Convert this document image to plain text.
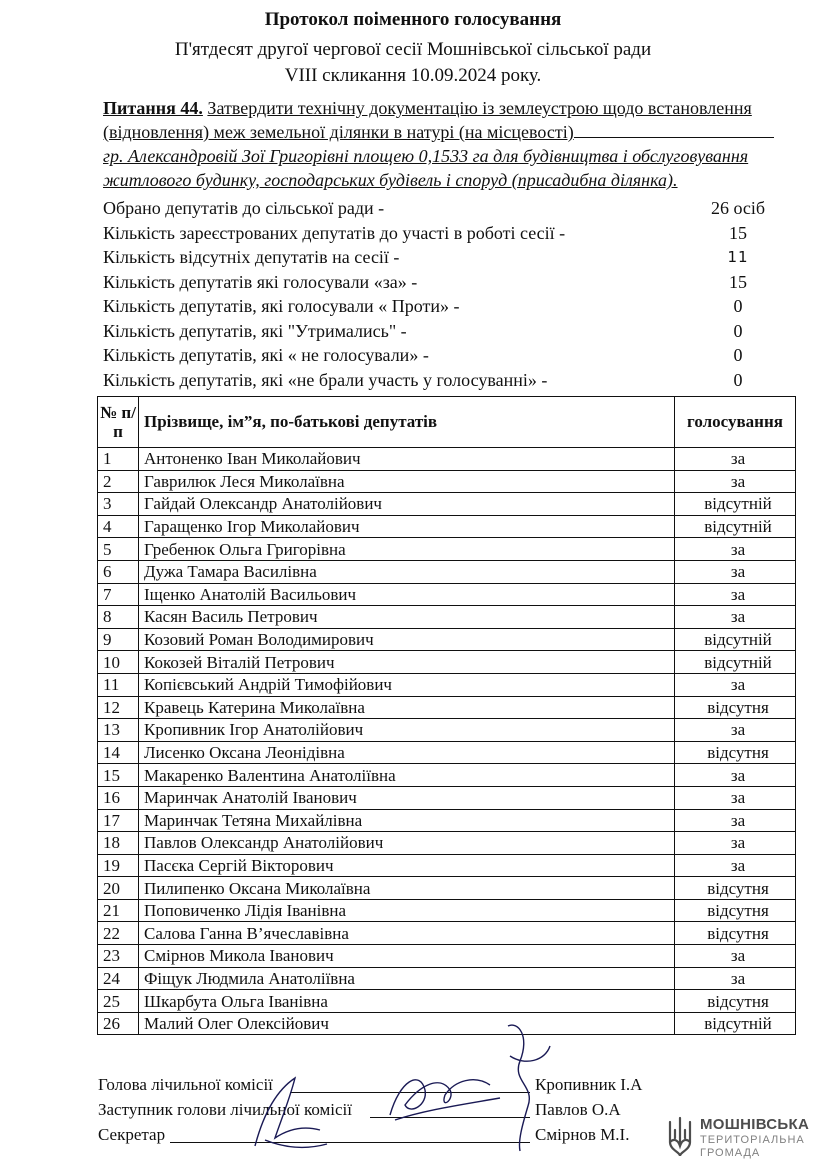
Протокол поіменного голосування
П'ятдесят другої чергової сесії Мошнівської сільської ради
VIII скликання 10.09.2024 року.
Питання 44. Затвердити технічну документацію із землеустрою щодо встановлення
(відновлення) меж земельної ділянки в натурі (на місцевості)
гр. Александровій Зої Григорівні площею 0,1533 га для будівництва і обслуговування
житлового будинку, господарських будівель і споруд (присадибна ділянка).
Обрано депутатів до сільської ради -	26 осіб
Кількість зареєстрованих депутатів до участі в роботі сесії -	15
Кількість відсутніх депутатів на сесії -	11
Кількість депутатів які голосували «за» -	15
Кількість депутатів, які голосували « Проти» -	0
Кількість депутатів, які "Утримались" -	0
Кількість депутатів, які « не голосували» -	0
Кількість депутатів, які «не брали участь у голосуванні» -	0
№ п/п	Прізвище, ім”я, по-батькові депутатів	голосування
1	Антоненко Іван Миколайович	за
2	Гаврилюк Леся Миколаївна	за
3	Гайдай Олександр Анатолійович	відсутній
4	Гаращенко Ігор Миколайович	відсутній
5	Гребенюк Ольга Григорівна	за
6	Дужа Тамара Василівна	за
7	Іщенко Анатолій Васильович	за
8	Касян Василь Петрович	за
9	Козовий Роман Володимирович	відсутній
10	Кокозей Віталій Петрович	відсутній
11	Копієвський Андрій Тимофійович	за
12	Кравець Катерина Миколаївна	відсутня
13	Кропивник Ігор Анатолійович	за
14	Лисенко Оксана Леонідівна	відсутня
15	Макаренко Валентина Анатоліївна	за
16	Маринчак Анатолій Іванович	за
17	Маринчак Тетяна Михайлівна	за
18	Павлов Олександр Анатолійович	за
19	Пасєка Сергій Вікторович	за
20	Пилипенко Оксана Миколаївна	відсутня
21	Поповиченко Лідія Іванівна	відсутня
22	Салова Ганна В’ячеславівна	відсутня
23	Смірнов Микола Іванович	за
24	Фіщук Людмила Анатоліївна	за
25	Шкарбута Ольга Іванівна	відсутня
26	Малий Олег Олексійович	відсутній
Голова лічильної комісії	Кропивник І.А
Заступник голови лічильної комісії	Павлов О.А
Секретар	Смірнов М.І.
МОШНІВСЬКА
ТЕРИТОРІАЛЬНА
ГРОМАДА
